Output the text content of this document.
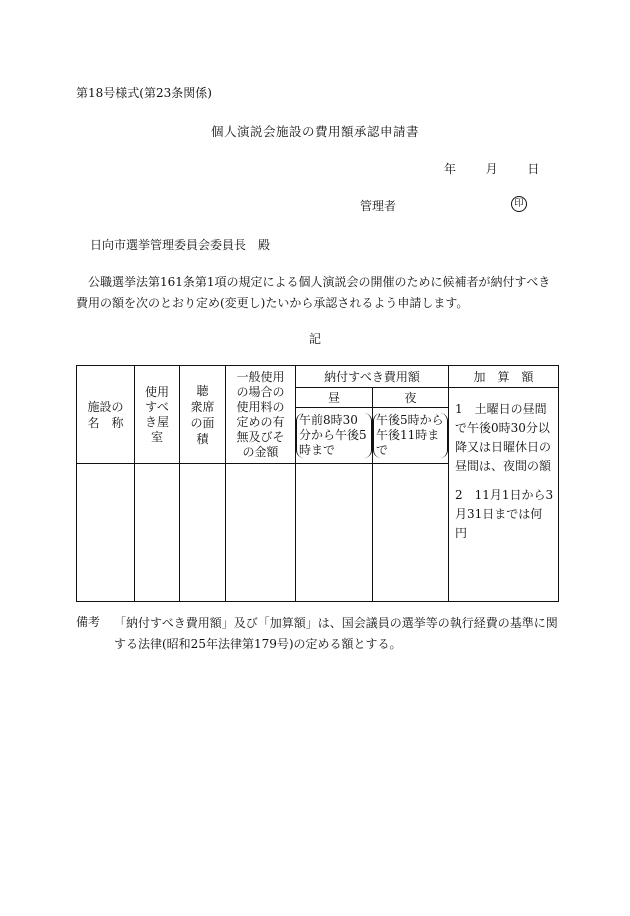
第18号様式(第23条関係)
個人演説会施設の費用額承認申請書
年 月 日
管理者	印
日向市選挙管理委員会委員長　殿
公職選挙法第161条第1項の規定による個人演説会の開催のために候補者が納付すべき費用の額を次のとおり定め(変更し)たいから承認されるよう申請します。
記
施設の名　称	使用すべき屋室	聴　衆席の面　積	一般使用の場合の使用料の定めの有無及びその金額	納付すべき費用額		加　算　額
				昼	夜	1　土曜日の昼間で午後0時30分以降又は日曜休日の昼間は、夜間の額
2　11月1日から3月31日までは何円

				午前8時30分から午後5時まで	午後5時から午後11時まで	

備考 「納付すべき費用額」及び「加算額」は、国会議員の選挙等の執行経費の基準に関する法律(昭和25年法律第179号)の定める額とする。
